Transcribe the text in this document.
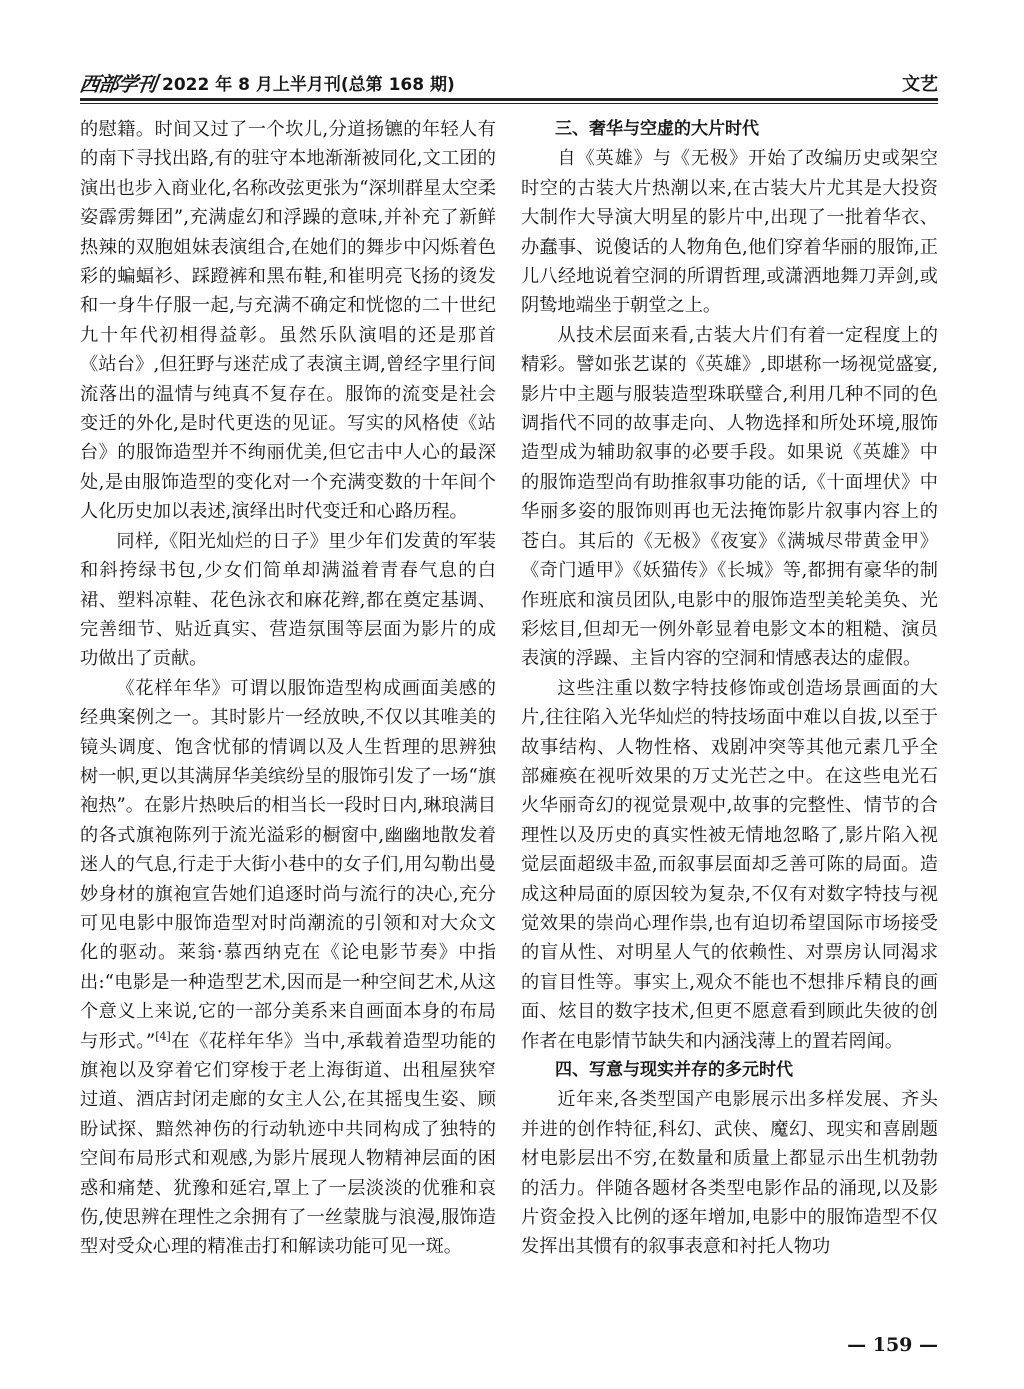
西部学刊 2022 年 8 月上半月刊(总第 168 期)	文艺

的慰籍。时间又过了一个坎儿,分道扬镳的年轻人有的南下寻找出路,有的驻守本地渐渐被同化,文工团的演出也步入商业化,名称改弦更张为“深圳群星太空柔姿霹雳舞团”,充满虚幻和浮躁的意味,并补充了新鲜热辣的双胞姐妹表演组合,在她们的舞步中闪烁着色彩的蝙蝠衫、踩蹬裤和黑布鞋,和崔明亮飞扬的烫发和一身牛仔服一起,与充满不确定和恍惚的二十世纪九十年代初相得益彰。虽然乐队演唱的还是那首《站台》,但狂野与迷茫成了表演主调,曾经字里行间流落出的温情与纯真不复存在。服饰的流变是社会变迁的外化,是时代更迭的见证。写实的风格使《站台》的服饰造型并不绚丽优美,但它击中人心的最深处,是由服饰造型的变化对一个充满变数的十年间个人化历史加以表述,演绎出时代变迁和心路历程。

同样,《阳光灿烂的日子》里少年们发黄的军装和斜挎绿书包,少女们简单却满溢着青春气息的白裙、塑料凉鞋、花色泳衣和麻花辫,都在奠定基调、完善细节、贴近真实、营造氛围等层面为影片的成功做出了贡献。

《花样年华》可谓以服饰造型构成画面美感的经典案例之一。其时影片一经放映,不仅以其唯美的镜头调度、饱含忧郁的情调以及人生哲理的思辨独树一帜,更以其满屏华美缤纷呈的服饰引发了一场“旗袍热”。在影片热映后的相当长一段时日内,琳琅满目的各式旗袍陈列于流光溢彩的橱窗中,幽幽地散发着迷人的气息,行走于大街小巷中的女子们,用勾勒出曼妙身材的旗袍宣告她们追逐时尚与流行的决心,充分可见电影中服饰造型对时尚潮流的引领和对大众文化的驱动。莱翁·慕西纳克在《论电影节奏》中指出:“电影是一种造型艺术,因而是一种空间艺术,从这个意义上来说,它的一部分美系来自画面本身的布局与形式。”[4]在《花样年华》当中,承载着造型功能的旗袍以及穿着它们穿梭于老上海街道、出租屋狭窄过道、酒店封闭走廊的女主人公,在其摇曳生姿、顾盼试探、黯然神伤的行动轨迹中共同构成了独特的空间布局形式和观感,为影片展现人物精神层面的困惑和痛楚、犹豫和延宕,罩上了一层淡淡的优雅和哀伤,使思辨在理性之余拥有了一丝蒙胧与浪漫,服饰造型对受众心理的精准击打和解读功能可见一斑。

三、奢华与空虚的大片时代

自《英雄》与《无极》开始了改编历史或架空时空的古装大片热潮以来,在古装大片尤其是大投资大制作大导演大明星的影片中,出现了一批着华衣、办蠢事、说傻话的人物角色,他们穿着华丽的服饰,正儿八经地说着空洞的所谓哲理,或潇洒地舞刀弄剑,或阴鸷地端坐于朝堂之上。

从技术层面来看,古装大片们有着一定程度上的精彩。譬如张艺谋的《英雄》,即堪称一场视觉盛宴,影片中主题与服装造型珠联璧合,利用几种不同的色调指代不同的故事走向、人物选择和所处环境,服饰造型成为辅助叙事的必要手段。如果说《英雄》中的服饰造型尚有助推叙事功能的话,《十面埋伏》中华丽多姿的服饰则再也无法掩饰影片叙事内容上的苍白。其后的《无极》《夜宴》《满城尽带黄金甲》《奇门遁甲》《妖猫传》《长城》等,都拥有豪华的制作班底和演员团队,电影中的服饰造型美轮美奂、光彩炫目,但却无一例外彰显着电影文本的粗糙、演员表演的浮躁、主旨内容的空洞和情感表达的虚假。

这些注重以数字特技修饰或创造场景画面的大片,往往陷入光华灿烂的特技场面中难以自拔,以至于故事结构、人物性格、戏剧冲突等其他元素几乎全部瘫痪在视听效果的万丈光芒之中。在这些电光石火华丽奇幻的视觉景观中,故事的完整性、情节的合理性以及历史的真实性被无情地忽略了,影片陷入视觉层面超级丰盈,而叙事层面却乏善可陈的局面。造成这种局面的原因较为复杂,不仅有对数字特技与视觉效果的崇尚心理作祟,也有迫切希望国际市场接受的盲从性、对明星人气的依赖性、对票房认同渴求的盲目性等。事实上,观众不能也不想排斥精良的画面、炫目的数字技术,但更不愿意看到顾此失彼的创作者在电影情节缺失和内涵浅薄上的置若罔闻。

四、写意与现实并存的多元时代

近年来,各类型国产电影展示出多样发展、齐头并进的创作特征,科幻、武侠、魔幻、现实和喜剧题材电影层出不穷,在数量和质量上都显示出生机勃勃的活力。伴随各题材各类型电影作品的涌现,以及影片资金投入比例的逐年增加,电影中的服饰造型不仅发挥出其惯有的叙事表意和衬托人物功

— 159 —
